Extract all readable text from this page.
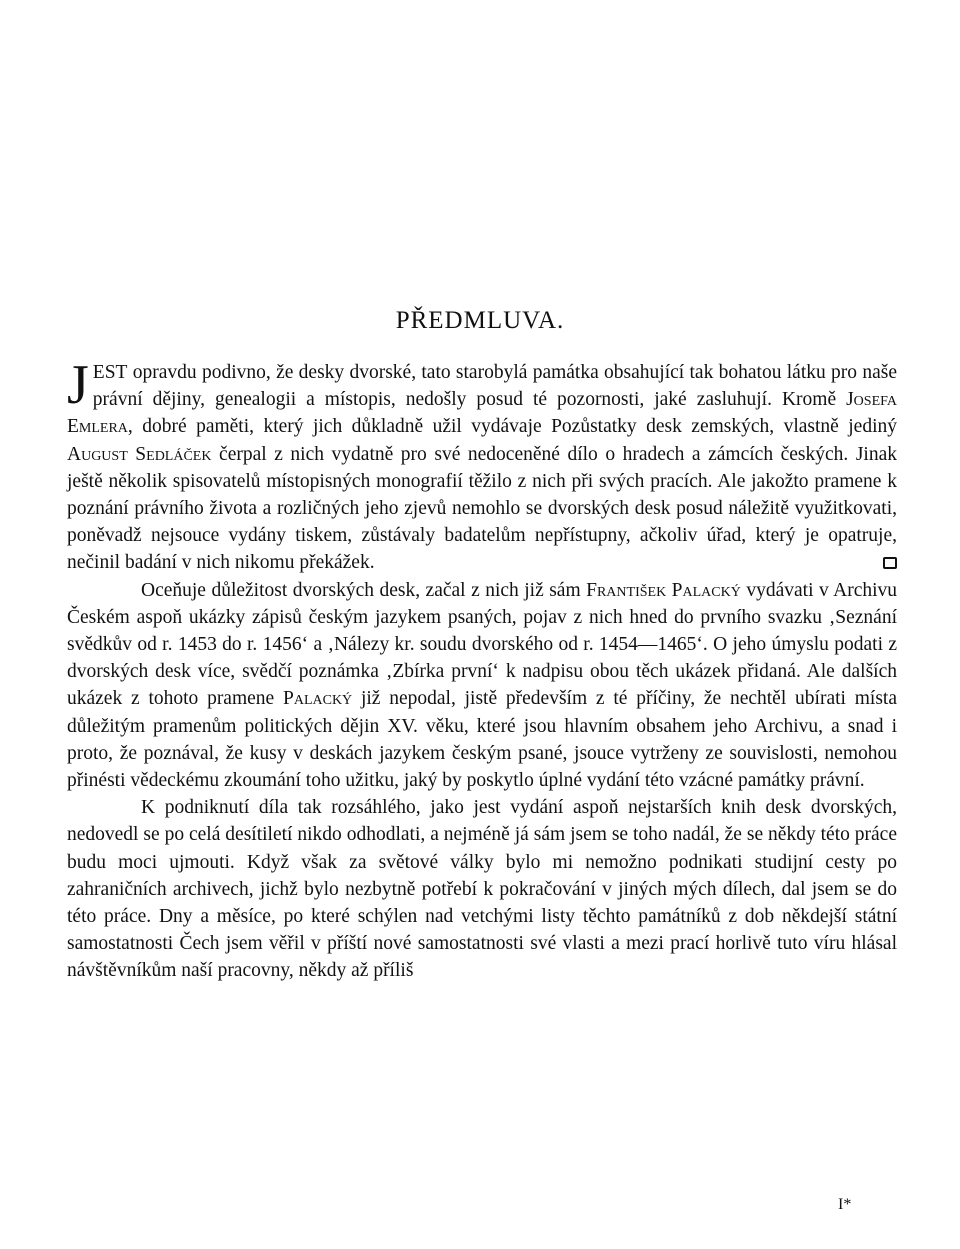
PŘEDMLUVA.

JEST opravdu podivno, že desky dvorské, tato starobylá památka obsahující tak bohatou látku pro naše právní dějiny, genealogii a místopis, nedošly posud té pozornosti, jaké zasluhují. Kromě Josefa Emlera, dobré paměti, který jich důkladně užil vydávaje Pozůstatky desk zemských, vlastně jediný August Sedláček čerpal z nich vydatně pro své nedoceněné dílo o hradech a zámcích českých. Jinak ještě několik spisovatelů místopisných monografií těžilo z nich při svých pracích. Ale jakožto pramene k poznání právního života a rozličných jeho zjevů nemohlo se dvorských desk posud náležitě využitkovati, poněvadž nejsouce vydány tiskem, zůstávaly badatelům nepřístupny, ačkoliv úřad, který je opatruje, nečinil badání v nich nikomu překážek.

Oceňuje důležitost dvorských desk, začal z nich již sám František Palacký vydávati v Archivu Českém aspoň ukázky zápisů českým jazykem psaných, pojav z nich hned do prvního svazku ‚Seznání svědkův od r. 1453 do r. 1456‘ a ‚Nálezy kr. soudu dvorského od r. 1454—1465‘. O jeho úmyslu podati z dvorských desk více, svědčí poznámka ‚Zbírka první‘ k nadpisu obou těch ukázek přidaná. Ale dalších ukázek z tohoto pramene Palacký již nepodal, jistě především z té příčiny, že nechtěl ubírati místa důležitým pramenům politických dějin XV. věku, které jsou hlavním obsahem jeho Archivu, a snad i proto, že poznával, že kusy v deskách jazykem českým psané, jsouce vytrženy ze souvislosti, nemohou přinésti vědeckému zkoumání toho užitku, jaký by poskytlo úplné vydání této vzácné památky právní.

K podniknutí díla tak rozsáhlého, jako jest vydání aspoň nejstarších knih desk dvorských, nedovedl se po celá desítiletí nikdo odhodlati, a nejméně já sám jsem se toho nadál, že se někdy této práce budu moci ujmouti. Když však za světové války bylo mi nemožno podnikati studijní cesty po zahraničních archivech, jichž bylo nezbytně potřebí k pokračování v jiných mých dílech, dal jsem se do této práce. Dny a měsíce, po které schýlen nad vetchými listy těchto památníků z dob někdejší státní samostatnosti Čech jsem věřil v příští nové samostatnosti své vlasti a mezi prací horlivě tuto víru hlásal návštěvníkům naší pracovny, někdy až příliš

I*
